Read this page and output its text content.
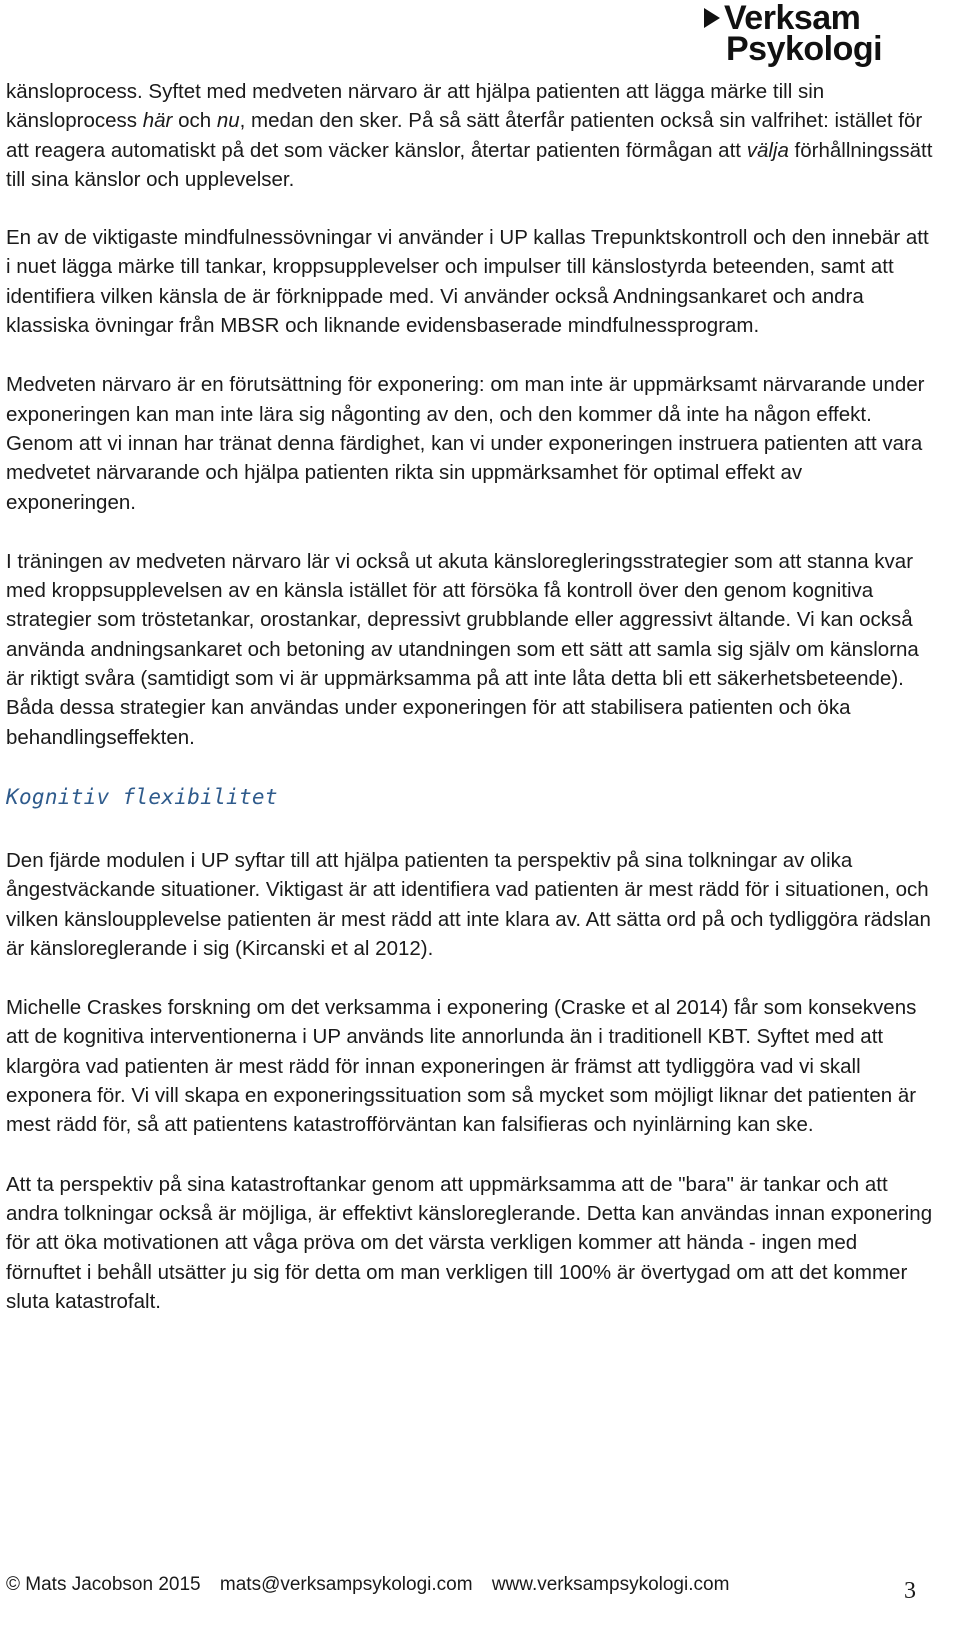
Verksam
Psykologi

känsloprocess. Syftet med medveten närvaro är att hjälpa patienten att lägga märke till sin känsloprocess här och nu, medan den sker. På så sätt återfår patienten också sin valfrihet: istället för att reagera automatiskt på det som väcker känslor, återtar patienten förmågan att välja förhållningssätt till sina känslor och upplevelser.

En av de viktigaste mindfulnessövningar vi använder i UP kallas Trepunktskontroll och den innebär att i nuet lägga märke till tankar, kroppsupplevelser och impulser till känslostyrda beteenden, samt att identifiera vilken känsla de är förknippade med. Vi använder också Andningsankaret och andra klassiska övningar från MBSR och liknande evidensbaserade mindfulnessprogram.

Medveten närvaro är en förutsättning för exponering: om man inte är uppmärksamt närvarande under exponeringen kan man inte lära sig någonting av den, och den kommer då inte ha någon effekt. Genom att vi innan har tränat denna färdighet, kan vi under exponeringen instruera patienten att vara medvetet närvarande och hjälpa patienten rikta sin uppmärksamhet för optimal effekt av exponeringen.

I träningen av medveten närvaro lär vi också ut akuta känsloregleringsstrategier som att stanna kvar med kroppsupplevelsen av en känsla istället för att försöka få kontroll över den genom kognitiva strategier som tröstetankar, orostankar, depressivt grubblande eller aggressivt ältande. Vi kan också använda andningsankaret och betoning av utandningen som ett sätt att samla sig själv om känslorna är riktigt svåra (samtidigt som vi är uppmärksamma på att inte låta detta bli ett säkerhetsbeteende). Båda dessa strategier kan användas under exponeringen för att stabilisera patienten och öka behandlingseffekten.

Kognitiv flexibilitet

Den fjärde modulen i UP syftar till att hjälpa patienten ta perspektiv på sina tolkningar av olika ångestväckande situationer. Viktigast är att identifiera vad patienten är mest rädd för i situationen, och vilken känsloupplevelse patienten är mest rädd att inte klara av. Att sätta ord på och tydliggöra rädslan är känsloreglerande i sig (Kircanski et al 2012).

Michelle Craskes forskning om det verksamma i exponering (Craske et al 2014) får som konsekvens att de kognitiva interventionerna i UP används lite annorlunda än i traditionell KBT. Syftet med att klargöra vad patienten är mest rädd för innan exponeringen är främst att tydliggöra vad vi skall exponera för. Vi vill skapa en exponeringssituation som så mycket som möjligt liknar det patienten är mest rädd för, så att patientens katastrofförväntan kan falsifieras och nyinlärning kan ske.

Att ta perspektiv på sina katastroftankar genom att uppmärksamma att de "bara" är tankar och att andra tolkningar också är möjliga, är effektivt känsloreglerande. Detta kan användas innan exponering för att öka motivationen att våga pröva om det värsta verkligen kommer att hända - ingen med förnuftet i behåll utsätter ju sig för detta om man verkligen till 100% är övertygad om att det kommer sluta katastrofalt.

© Mats Jacobson 2015 mats@verksampsykologi.com www.verksampsykologi.com	3
